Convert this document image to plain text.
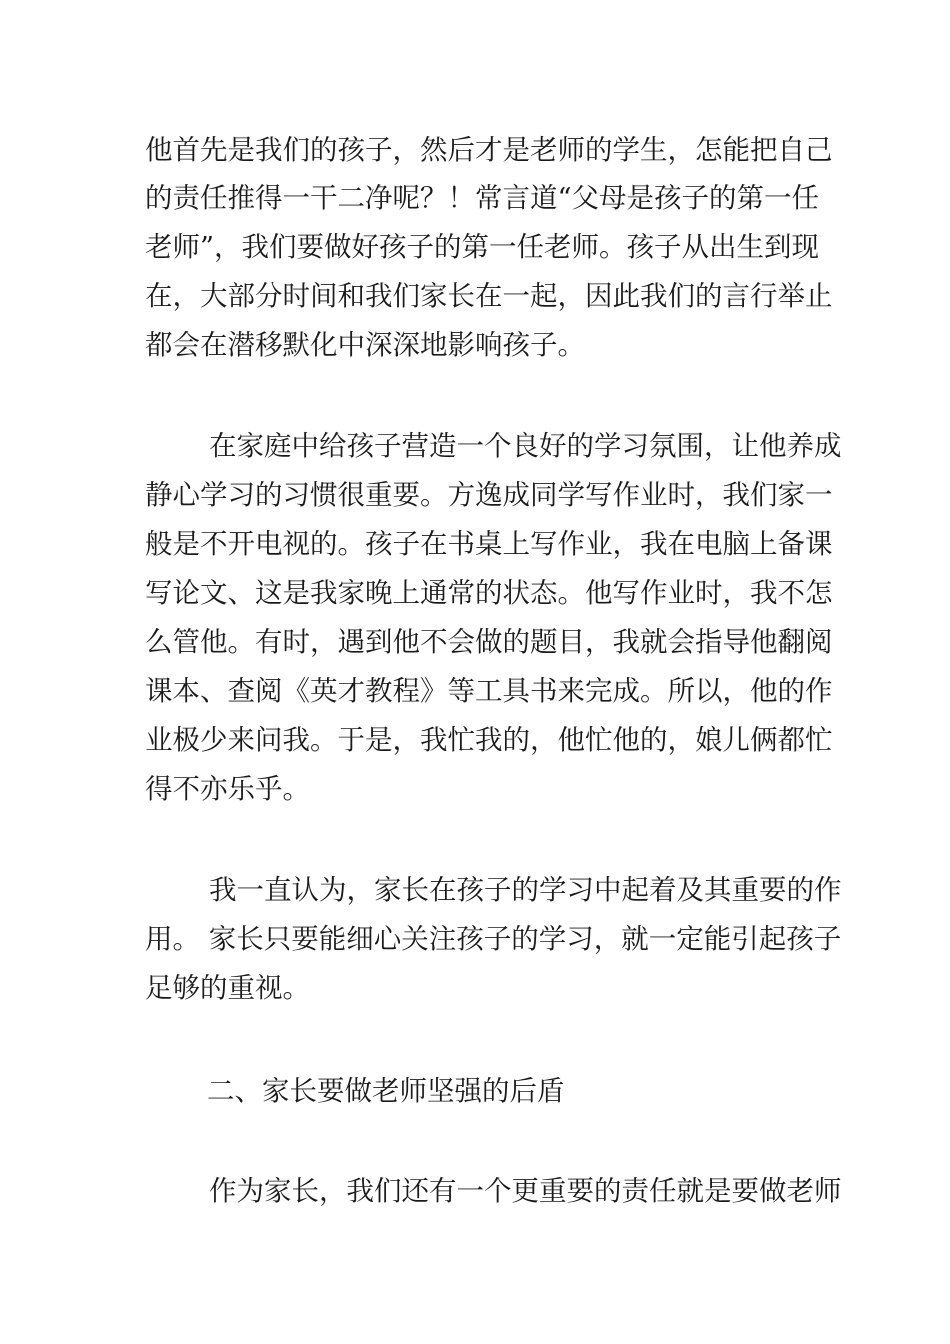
他首先是我们的孩子，然后才是老师的学生，怎能把自己

的责任推得一干二净呢？！常言道“父母是孩子的第一任

老师”，我们要做好孩子的第一任老师。孩子从出生到现

在，大部分时间和我们家长在一起，因此我们的言行举止

都会在潜移默化中深深地影响孩子。

在家庭中给孩子营造一个良好的学习氛围，让他养成

静心学习的习惯很重要。方逸成同学写作业时，我们家一

般是不开电视的。孩子在书桌上写作业，我在电脑上备课

写论文、这是我家晚上通常的状态。他写作业时，我不怎

么管他。有时，遇到他不会做的题目，我就会指导他翻阅

课本、查阅《英才教程》等工具书来完成。所以，他的作

业极少来问我。于是，我忙我的，他忙他的，娘儿俩都忙

得不亦乐乎。

我一直认为，家长在孩子的学习中起着及其重要的作

用。 家长只要能细心关注孩子的学习，就一定能引起孩子

足够的重视。

二、家长要做老师坚强的后盾

作为家长，我们还有一个更重要的责任就是要做老师
